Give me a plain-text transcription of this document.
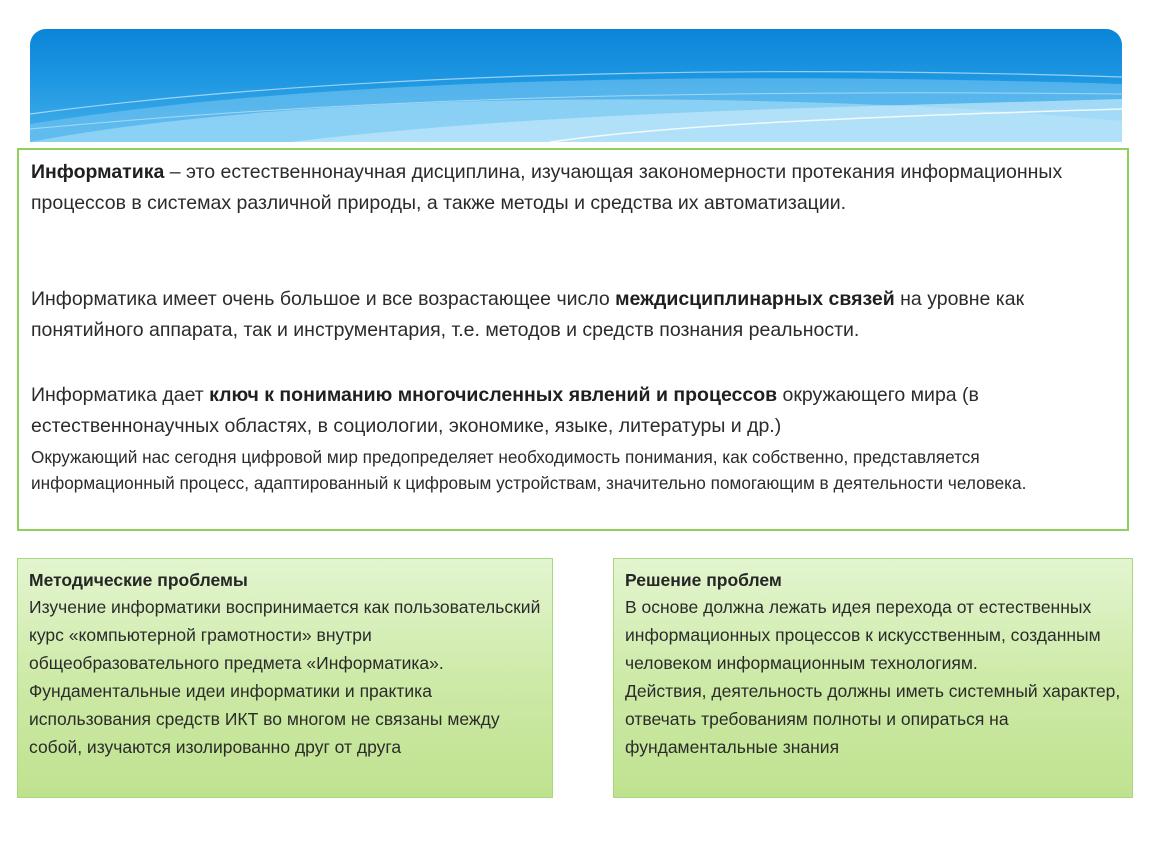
Информатика – это естественнонаучная дисциплина, изучающая закономерности протекания информационных процессов в системах различной природы, а также методы и средства их автоматизации.

Информатика имеет очень большое и все возрастающее число междисциплинарных связей на уровне как понятийного аппарата, так и инструментария, т.е. методов и средств познания реальности.

Информатика дает ключ к пониманию многочисленных явлений и процессов окружающего мира (в естественнонаучных областях, в социологии, экономике, языке, литературы и др.)

Окружающий нас сегодня цифровой мир предопределяет необходимость понимания, как собственно, представляется информационный процесс, адаптированный к цифровым устройствам, значительно помогающим в деятельности человека.

Методические проблемы

Изучение информатики воспринимается как пользовательский курс «компьютерной грамотности» внутри общеобразовательного предмета «Информатика».

Фундаментальные идеи информатики и практика использования средств ИКТ во многом не связаны между собой, изучаются изолированно друг от друга

Решение проблем

В основе должна лежать идея перехода от естественных информационных процессов к искусственным, созданным человеком информационным технологиям.

Действия, деятельность должны иметь системный характер, отвечать требованиям полноты и опираться на фундаментальные знания
